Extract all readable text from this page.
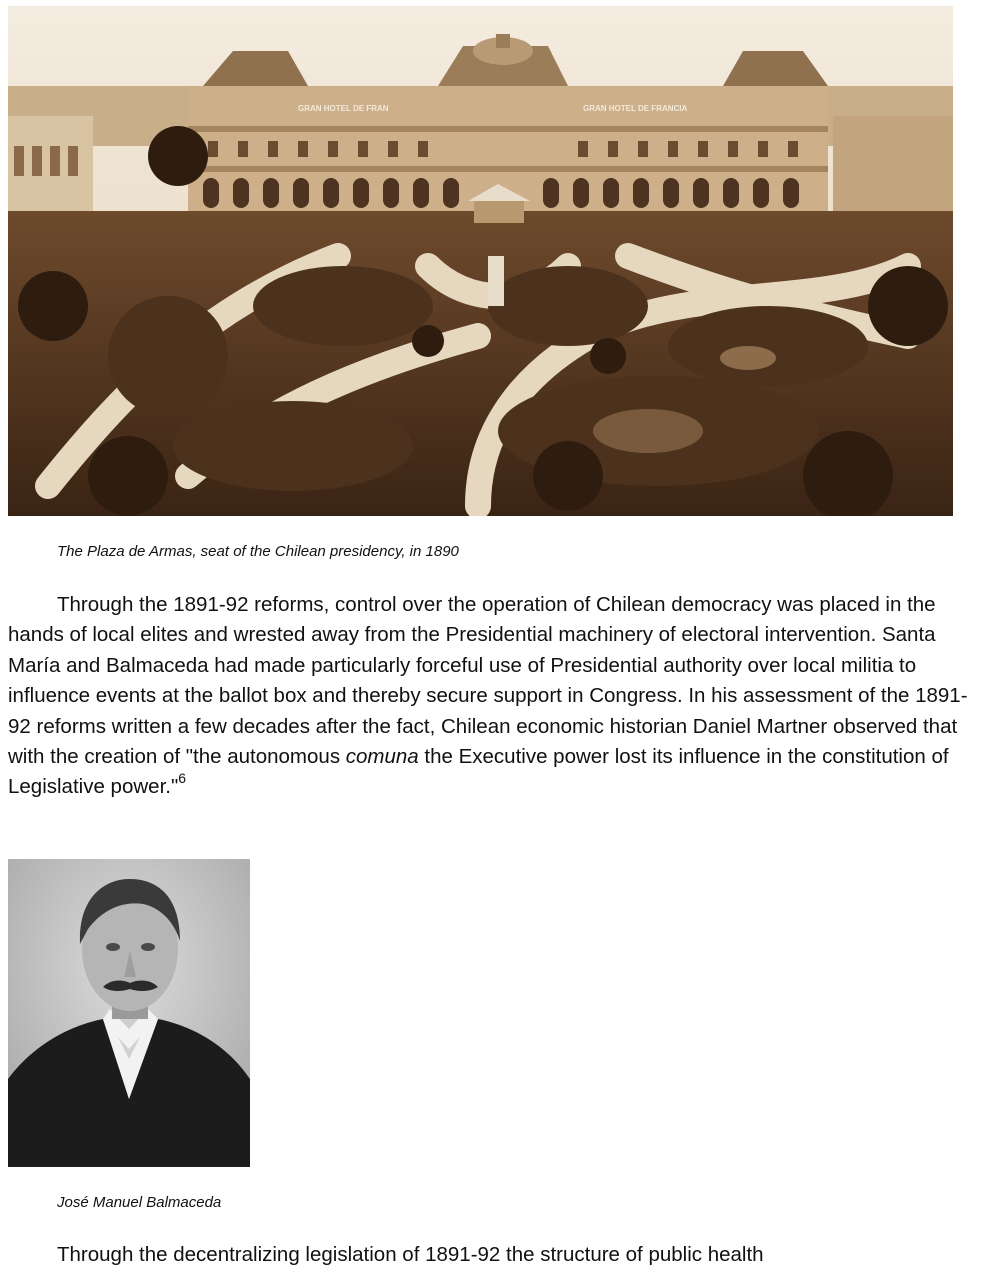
GRAN HOTEL DE FRAN	GRAN HOTEL DE FRANCIA
The Plaza de Armas, seat of the Chilean presidency, in 1890

Through the 1891-92 reforms, control over the operation of Chilean democracy was placed in the hands of local elites and wrested away from the Presidential machinery of electoral intervention. Santa María and Balmaceda had made particularly forceful use of Presidential authority over local militia to influence events at the ballot box and thereby secure support in Congress. In his assessment of the 1891-92 reforms written a few decades after the fact, Chilean economic historian Daniel Martner observed that with the creation of "the autonomous comuna the Executive power lost its influence in the constitution of Legislative power."$^6$

José Manuel Balmaceda

Through the decentralizing legislation of 1891-92 the structure of public health
